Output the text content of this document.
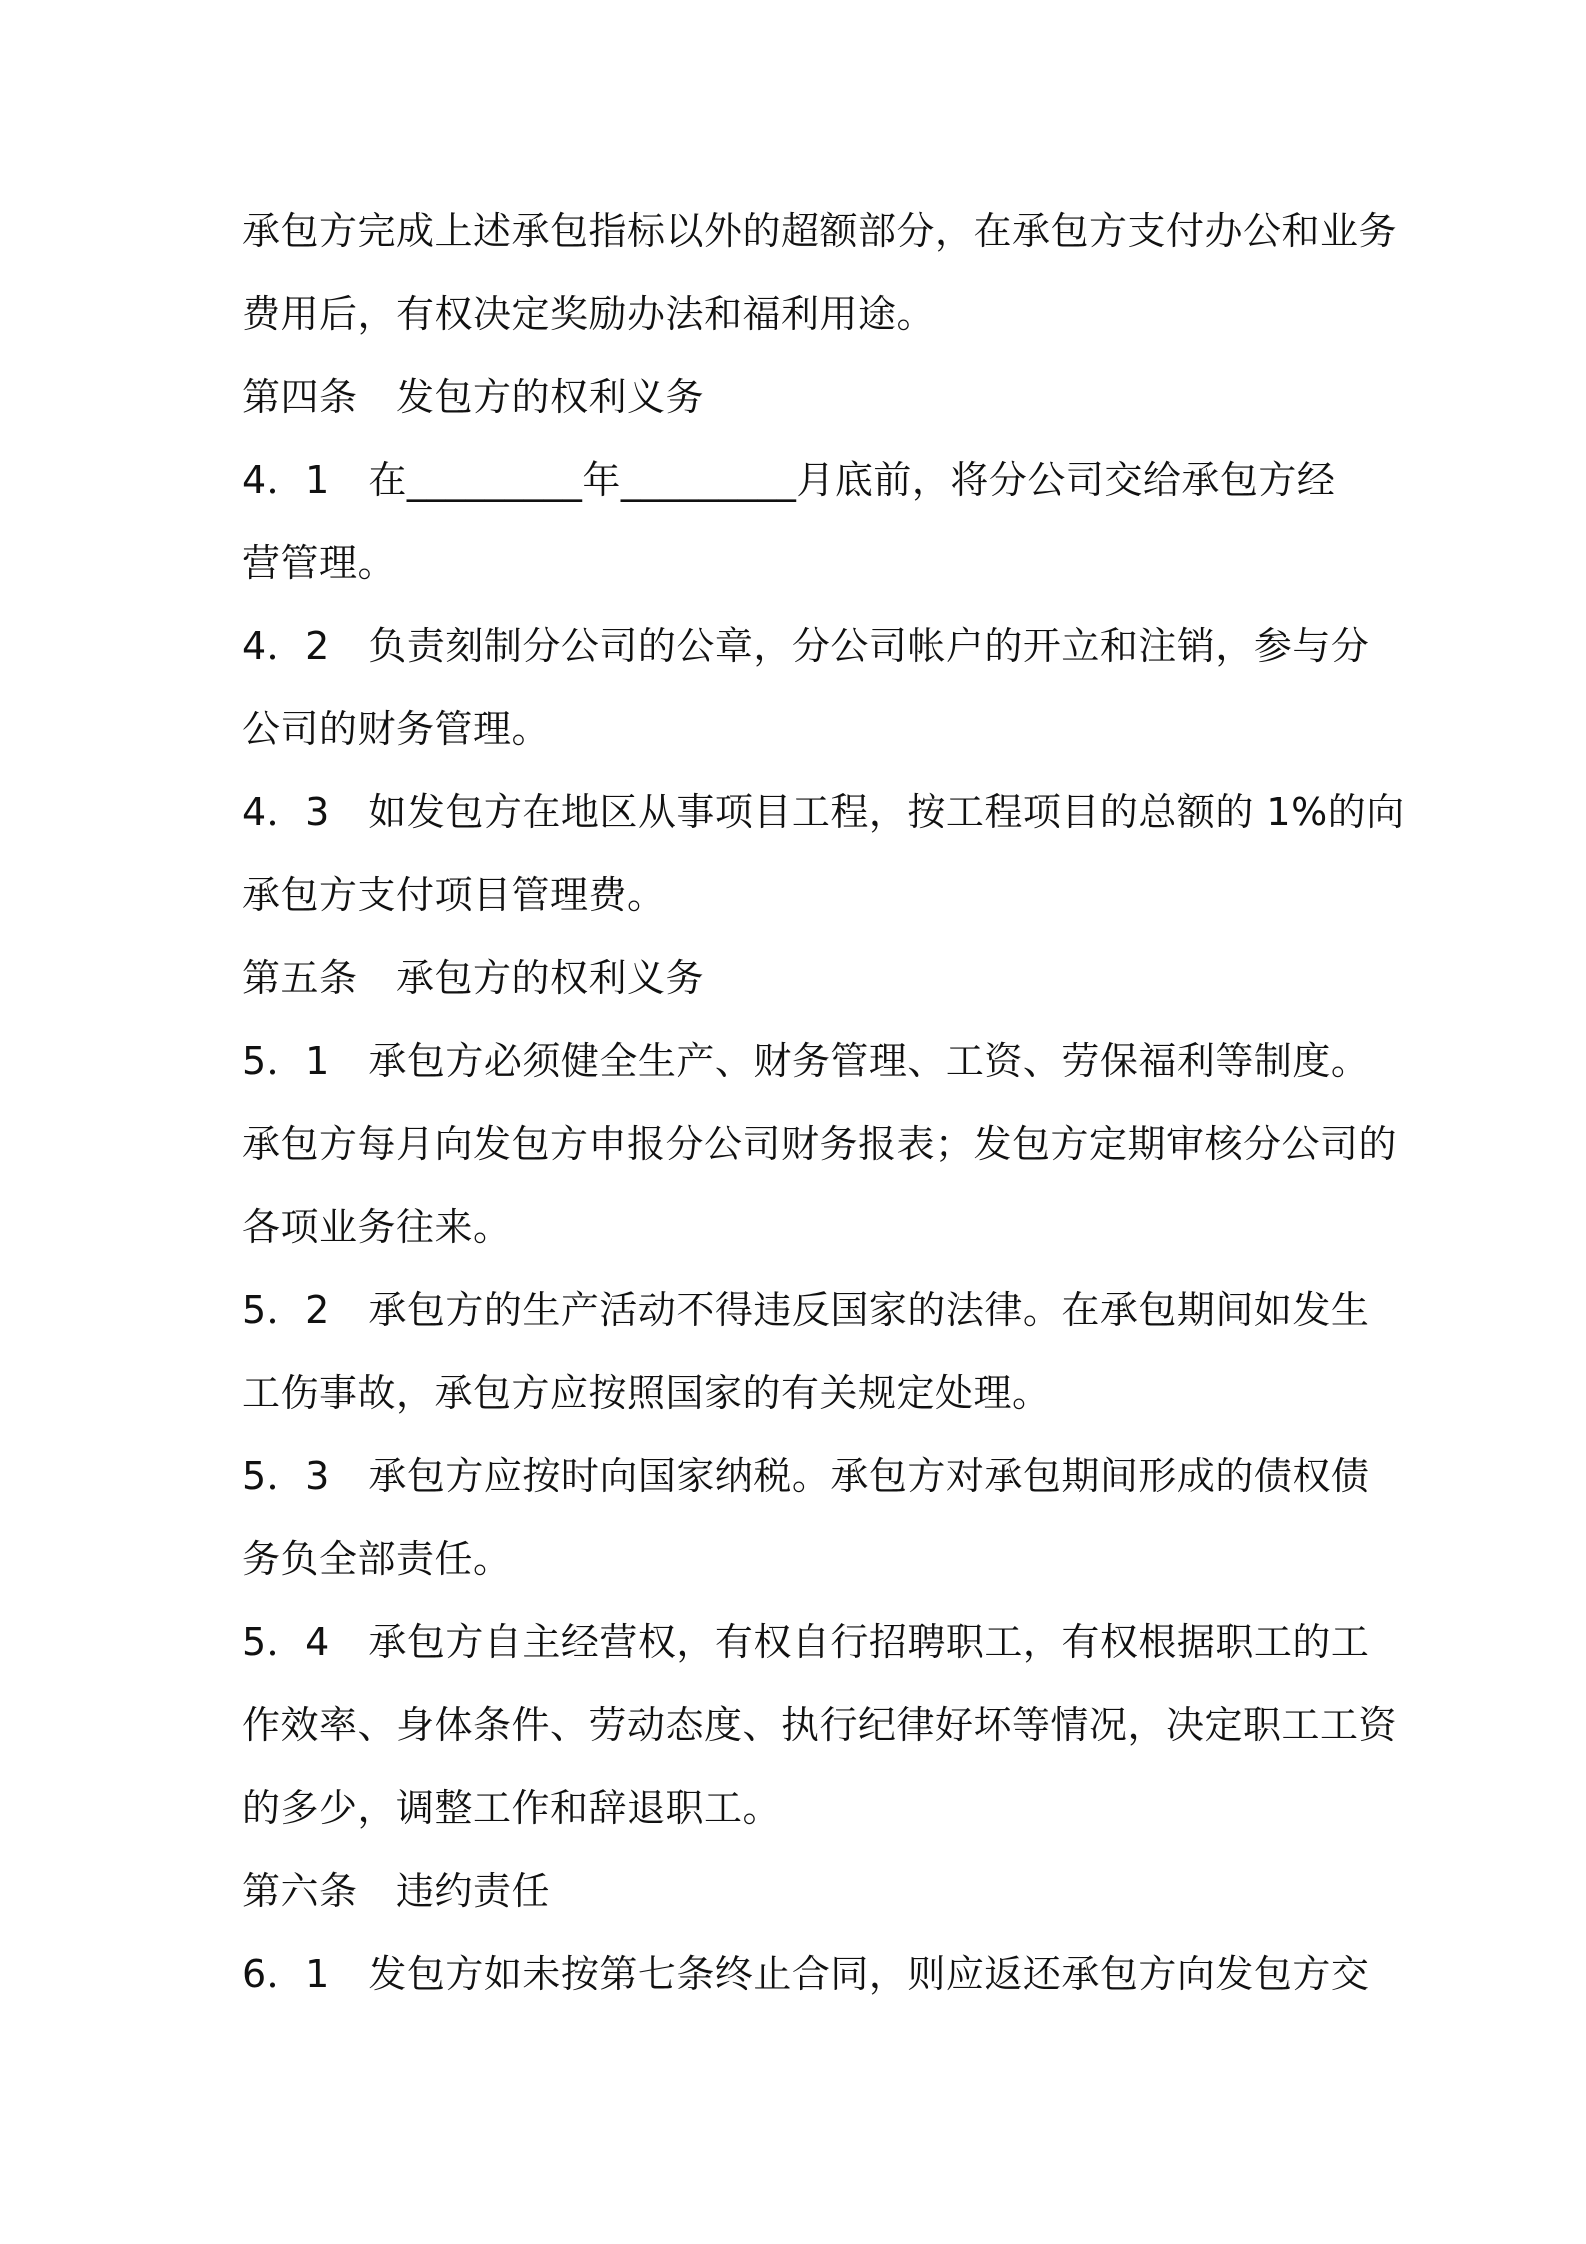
承包方完成上述承包指标以外的超额部分，在承包方支付办公和业务
费用后，有权决定奖励办法和福利用途。
第四条　发包方的权利义务
4．1　在_________年_________月底前，将分公司交给承包方经
营管理。
4．2　负责刻制分公司的公章，分公司帐户的开立和注销，参与分
公司的财务管理。
4．3　如发包方在地区从事项目工程，按工程项目的总额的 1%的向
承包方支付项目管理费。
第五条　承包方的权利义务
5．1　承包方必须健全生产、财务管理、工资、劳保福利等制度。
承包方每月向发包方申报分公司财务报表；发包方定期审核分公司的
各项业务往来。
5．2　承包方的生产活动不得违反国家的法律。在承包期间如发生
工伤事故，承包方应按照国家的有关规定处理。
5．3　承包方应按时向国家纳税。承包方对承包期间形成的债权债
务负全部责任。
5．4　承包方自主经营权，有权自行招聘职工，有权根据职工的工
作效率、身体条件、劳动态度、执行纪律好坏等情况，决定职工工资
的多少，调整工作和辞退职工。
第六条　违约责任
6．1　发包方如未按第七条终止合同，则应返还承包方向发包方交
